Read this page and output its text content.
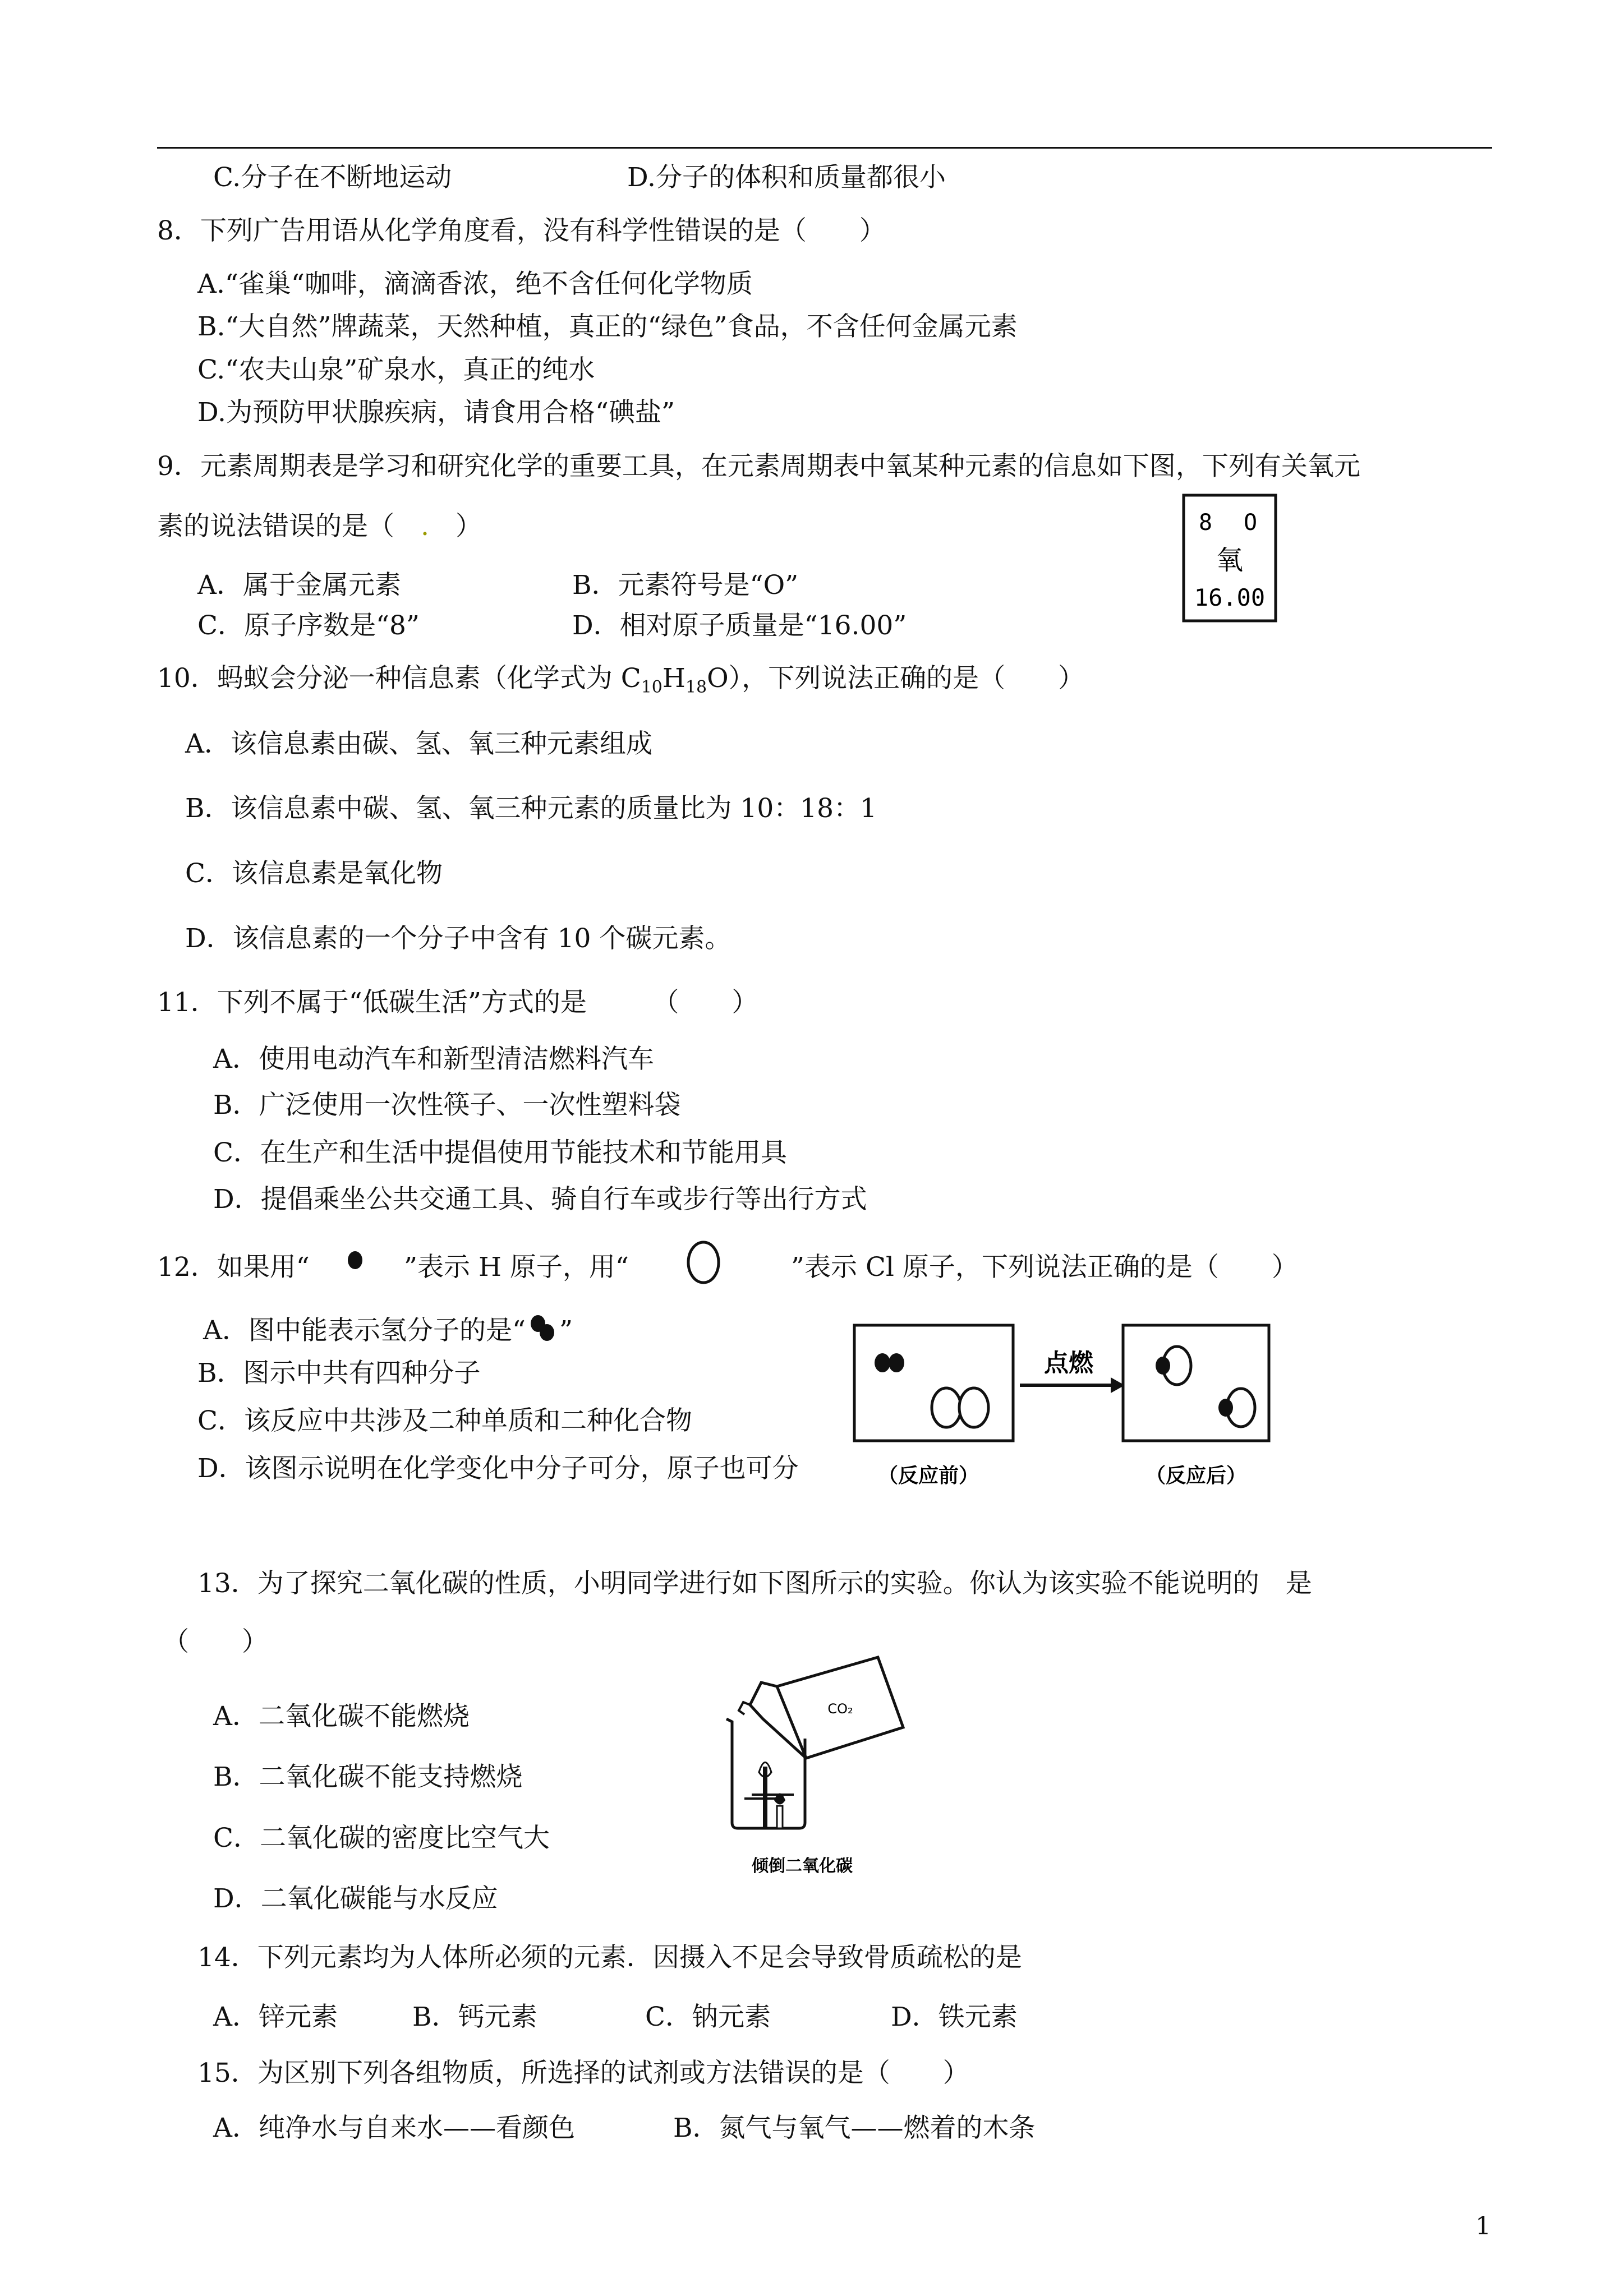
C.分子在不断地运动	D.分子的体积和质量都很小
8．下列广告用语从化学角度看，没有科学性错误的是（　　）
A.“雀巢“咖啡，滴滴香浓，绝不含任何化学物质
B.“大自然”牌蔬菜，天然种植，真正的“绿色”食品，不含任何金属元素
C.“农夫山泉”矿泉水，真正的纯水
D.为预防甲状腺疾病，请食用合格“碘盐”
9．元素周期表是学习和研究化学的重要工具，在元素周期表中氧某种元素的信息如下图，下列有关氧元
素的说法错误的是（　.　）
A．属于金属元素	B．元素符号是“O”
C．原子序数是“8”	D．相对原子质量是“16.00”
8 O
氧
16.00
10．蚂蚁会分泌一种信息素（化学式为 $C_{10}H_{18}O$），下列说法正确的是（　　）
A．该信息素由碳、氢、氧三种元素组成
B．该信息素中碳、氢、氧三种元素的质量比为 10：18：1
C．该信息素是氧化物
D．该信息素的一个分子中含有 10 个碳元素。
11．下列不属于“低碳生活”方式的是　　　（　　）
A．使用电动汽车和新型清洁燃料汽车
B．广泛使用一次性筷子、一次性塑料袋
C．在生产和生活中提倡使用节能技术和节能用具
D．提倡乘坐公共交通工具、骑自行车或步行等出行方式
12．如果用“	”表示 H 原子，用“	”表示 Cl 原子，下列说法正确的是（　　）
A．图中能表示氢分子的是“ ”
B．图示中共有四种分子
C．该反应中共涉及二种单质和二种化合物
D．该图示说明在化学变化中分子可分，原子也可分
点燃
（反应前）	（反应后）
13．为了探究二氧化碳的性质，小明同学进行如下图所示的实验。你认为该实验不能说明的　是
（　　）
A．二氧化碳不能燃烧
B．二氧化碳不能支持燃烧
C．二氧化碳的密度比空气大
D．二氧化碳能与水反应
CO₂
倾倒二氧化碳
14．下列元素均为人体所必须的元素．因摄入不足会导致骨质疏松的是
A．锌元素	B．钙元素	C．钠元素	D．铁元素
15．为区别下列各组物质，所选择的试剂或方法错误的是（　　）
A．纯净水与自来水——看颜色	B．氮气与氧气——燃着的木条
1
